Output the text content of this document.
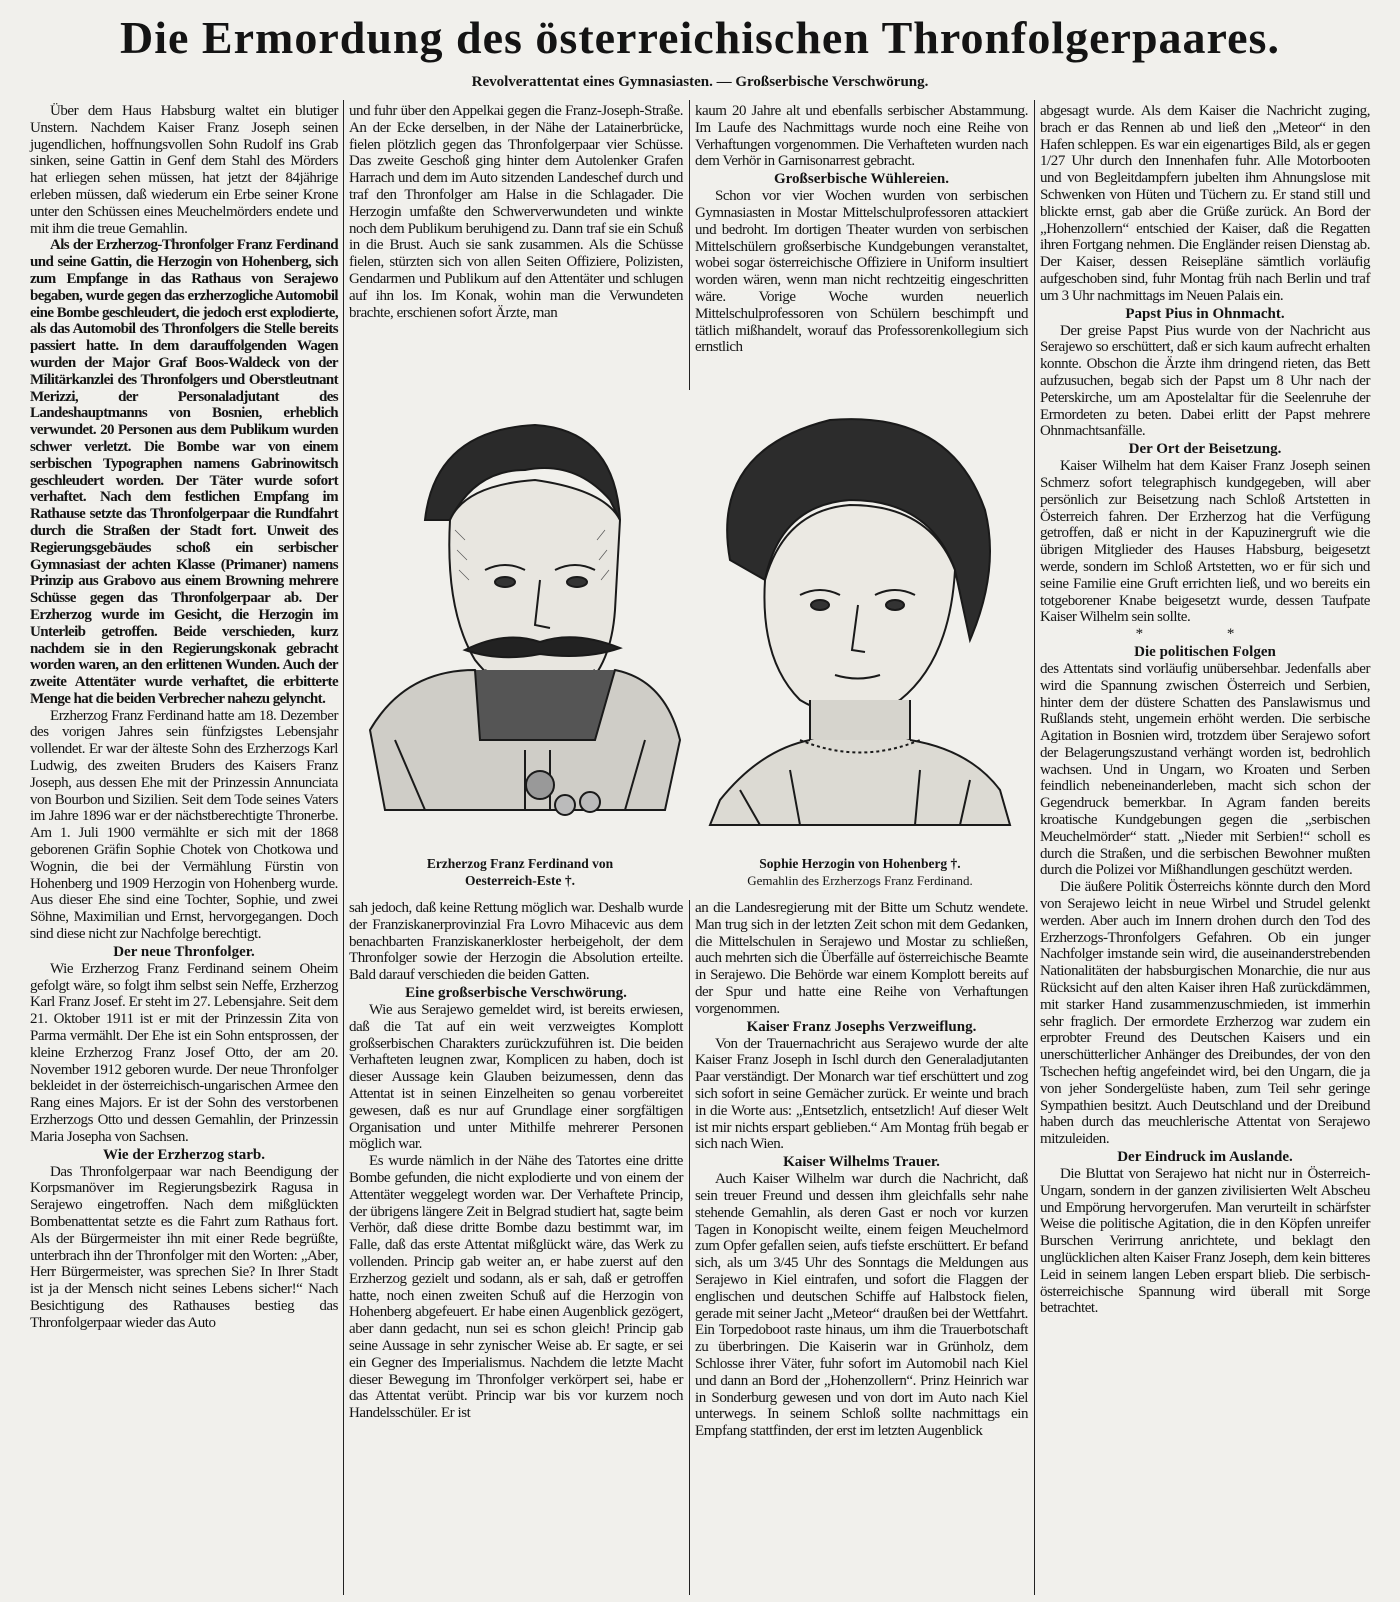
Die Ermordung des österreichischen Thronfolgerpaares.
Revolverattentat eines Gymnasiasten. — Großserbische Verschwörung.

Über dem Haus Habsburg waltet ein blutiger Unstern. Nachdem Kaiser Franz Joseph seinen jugendlichen, hoffnungsvollen Sohn Rudolf ins Grab sinken, seine Gattin in Genf dem Stahl des Mörders hat erliegen sehen müssen, hat jetzt der 84jährige erleben müssen, daß wiederum ein Erbe seiner Krone unter den Schüssen eines Meuchelmörders endete und mit ihm die treue Gemahlin.

Als der Erzherzog-Thronfolger Franz Ferdinand und seine Gattin, die Herzogin von Hohenberg, sich zum Empfange in das Rathaus von Serajewo begaben, wurde gegen das erzherzogliche Automobil eine Bombe geschleudert, die jedoch erst explodierte, als das Automobil des Thronfolgers die Stelle bereits passiert hatte. In dem darauffolgenden Wagen wurden der Major Graf Boos-Waldeck von der Militärkanzlei des Thronfolgers und Oberstleutnant Merizzi, der Personaladjutant des Landeshauptmanns von Bosnien, erheblich verwundet. 20 Personen aus dem Publikum wurden schwer verletzt. Die Bombe war von einem serbischen Typographen namens Gabrinowitsch geschleudert worden. Der Täter wurde sofort verhaftet. Nach dem festlichen Empfang im Rathause setzte das Thronfolgerpaar die Rundfahrt durch die Straßen der Stadt fort. Unweit des Regierungsgebäudes schoß ein serbischer Gymnasiast der achten Klasse (Primaner) namens Prinzip aus Grabovo aus einem Browning mehrere Schüsse gegen das Thronfolgerpaar ab. Der Erzherzog wurde im Gesicht, die Herzogin im Unterleib getroffen. Beide verschieden, kurz nachdem sie in den Regierungskonak gebracht worden waren, an den erlittenen Wunden. Auch der zweite Attentäter wurde verhaftet, die erbitterte Menge hat die beiden Verbrecher nahezu gelyncht.

Erzherzog Franz Ferdinand hatte am 18. Dezember des vorigen Jahres sein fünfzigstes Lebensjahr vollendet. Er war der älteste Sohn des Erzherzogs Karl Ludwig, des zweiten Bruders des Kaisers Franz Joseph, aus dessen Ehe mit der Prinzessin Annunciata von Bourbon und Sizilien. Seit dem Tode seines Vaters im Jahre 1896 war er der nächstberechtigte Thronerbe. Am 1. Juli 1900 vermählte er sich mit der 1868 geborenen Gräfin Sophie Chotek von Chotkowa und Wognin, die bei der Vermählung Fürstin von Hohenberg und 1909 Herzogin von Hohenberg wurde. Aus dieser Ehe sind eine Tochter, Sophie, und zwei Söhne, Maximilian und Ernst, hervorgegangen. Doch sind diese nicht zur Nachfolge berechtigt.

Der neue Thronfolger.

Wie Erzherzog Franz Ferdinand seinem Oheim gefolgt wäre, so folgt ihm selbst sein Neffe, Erzherzog Karl Franz Josef. Er steht im 27. Lebensjahre. Seit dem 21. Oktober 1911 ist er mit der Prinzessin Zita von Parma vermählt. Der Ehe ist ein Sohn entsprossen, der kleine Erzherzog Franz Josef Otto, der am 20. November 1912 geboren wurde. Der neue Thronfolger bekleidet in der österreichisch-ungarischen Armee den Rang eines Majors. Er ist der Sohn des verstorbenen Erzherzogs Otto und dessen Gemahlin, der Prinzessin Maria Josepha von Sachsen.

Wie der Erzherzog starb.

Das Thronfolgerpaar war nach Beendigung der Korpsmanöver im Regierungsbezirk Ragusa in Serajewo eingetroffen. Nach dem mißglückten Bombenattentat setzte es die Fahrt zum Rathaus fort. Als der Bürgermeister ihn mit einer Rede begrüßte, unterbrach ihn der Thronfolger mit den Worten: „Aber, Herr Bürgermeister, was sprechen Sie? In Ihrer Stadt ist ja der Mensch nicht seines Lebens sicher!“ Nach Besichtigung des Rathauses bestieg das Thronfolgerpaar wieder das Auto

und fuhr über den Appelkai gegen die Franz-Joseph-Straße. An der Ecke derselben, in der Nähe der Latainerbrücke, fielen plötzlich gegen das Thronfolgerpaar vier Schüsse. Das zweite Geschoß ging hinter dem Autolenker Grafen Harrach und dem im Auto sitzenden Landeschef durch und traf den Thronfolger am Halse in die Schlagader. Die Herzogin umfaßte den Schwerverwundeten und winkte noch dem Publikum beruhigend zu. Dann traf sie ein Schuß in die Brust. Auch sie sank zusammen. Als die Schüsse fielen, stürzten sich von allen Seiten Offiziere, Polizisten, Gendarmen und Publikum auf den Attentäter und schlugen auf ihn los. Im Konak, wohin man die Verwundeten brachte, erschienen sofort Ärzte, man

kaum 20 Jahre alt und ebenfalls serbischer Abstammung. Im Laufe des Nachmittags wurde noch eine Reihe von Verhaftungen vorgenommen. Die Verhafteten wurden nach dem Verhör in Garnisonarrest gebracht.

Großserbische Wühlereien.

Schon vor vier Wochen wurden von serbischen Gymnasiasten in Mostar Mittelschulprofessoren attackiert und bedroht. Im dortigen Theater wurden von serbischen Mittelschülern großserbische Kundgebungen veranstaltet, wobei sogar österreichische Offiziere in Uniform insultiert worden wären, wenn man nicht rechtzeitig eingeschritten wäre. Vorige Woche wurden neuerlich Mittelschulprofessoren von Schülern beschimpft und tätlich mißhandelt, worauf das Professorenkollegium sich ernstlich

sah jedoch, daß keine Rettung möglich war. Deshalb wurde der Franziskanerprovinzial Fra Lovro Mihacevic aus dem benachbarten Franziskanerkloster herbeigeholt, der dem Thronfolger sowie der Herzogin die Absolution erteilte. Bald darauf verschieden die beiden Gatten.

Eine großserbische Verschwörung.

Wie aus Serajewo gemeldet wird, ist bereits erwiesen, daß die Tat auf ein weit verzweigtes Komplott großserbischen Charakters zurückzuführen ist. Die beiden Verhafteten leugnen zwar, Komplicen zu haben, doch ist dieser Aussage kein Glauben beizumessen, denn das Attentat ist in seinen Einzelheiten so genau vorbereitet gewesen, daß es nur auf Grundlage einer sorgfältigen Organisation und unter Mithilfe mehrerer Personen möglich war.

Es wurde nämlich in der Nähe des Tatortes eine dritte Bombe gefunden, die nicht explodierte und von einem der Attentäter weggelegt worden war. Der Verhaftete Princip, der übrigens längere Zeit in Belgrad studiert hat, sagte beim Verhör, daß diese dritte Bombe dazu bestimmt war, im Falle, daß das erste Attentat mißglückt wäre, das Werk zu vollenden. Princip gab weiter an, er habe zuerst auf den Erzherzog gezielt und sodann, als er sah, daß er getroffen hatte, noch einen zweiten Schuß auf die Herzogin von Hohenberg abgefeuert. Er habe einen Augenblick gezögert, aber dann gedacht, nun sei es schon gleich! Princip gab seine Aussage in sehr zynischer Weise ab. Er sagte, er sei ein Gegner des Imperialismus. Nachdem die letzte Macht dieser Bewegung im Thronfolger verkörpert sei, habe er das Attentat verübt. Princip war bis vor kurzem noch Handelsschüler. Er ist

an die Landesregierung mit der Bitte um Schutz wendete. Man trug sich in der letzten Zeit schon mit dem Gedanken, die Mittelschulen in Serajewo und Mostar zu schließen, auch mehrten sich die Überfälle auf österreichische Beamte in Serajewo. Die Behörde war einem Komplott bereits auf der Spur und hatte eine Reihe von Verhaftungen vorgenommen.

Kaiser Franz Josephs Verzweiflung.

Von der Trauernachricht aus Serajewo wurde der alte Kaiser Franz Joseph in Ischl durch den Generaladjutanten Paar verständigt. Der Monarch war tief erschüttert und zog sich sofort in seine Gemächer zurück. Er weinte und brach in die Worte aus: „Entsetzlich, entsetzlich! Auf dieser Welt ist mir nichts erspart geblieben.“ Am Montag früh begab er sich nach Wien.

Kaiser Wilhelms Trauer.

Auch Kaiser Wilhelm war durch die Nachricht, daß sein treuer Freund und dessen ihm gleichfalls sehr nahe stehende Gemahlin, als deren Gast er noch vor kurzen Tagen in Konopischt weilte, einem feigen Meuchelmord zum Opfer gefallen seien, aufs tiefste erschüttert. Er befand sich, als um 3/45 Uhr des Sonntags die Meldungen aus Serajewo in Kiel eintrafen, und sofort die Flaggen der englischen und deutschen Schiffe auf Halbstock fielen, gerade mit seiner Jacht „Meteor“ draußen bei der Wettfahrt. Ein Torpedoboot raste hinaus, um ihm die Trauerbotschaft zu überbringen. Die Kaiserin war in Grünholz, dem Schlosse ihrer Väter, fuhr sofort im Automobil nach Kiel und dann an Bord der „Hohenzollern“. Prinz Heinrich war in Sonderburg gewesen und von dort im Auto nach Kiel unterwegs. In seinem Schloß sollte nachmittags ein Empfang stattfinden, der erst im letzten Augenblick

abgesagt wurde. Als dem Kaiser die Nachricht zuging, brach er das Rennen ab und ließ den „Meteor“ in den Hafen schleppen. Es war ein eigenartiges Bild, als er gegen 1/27 Uhr durch den Innenhafen fuhr. Alle Motorbooten und von Begleitdampfern jubelten ihm Ahnungslose mit Schwenken von Hüten und Tüchern zu. Er stand still und blickte ernst, gab aber die Grüße zurück. An Bord der „Hohenzollern“ entschied der Kaiser, daß die Regatten ihren Fortgang nehmen. Die Engländer reisen Dienstag ab. Der Kaiser, dessen Reisepläne sämtlich vorläufig aufgeschoben sind, fuhr Montag früh nach Berlin und traf um 3 Uhr nachmittags im Neuen Palais ein.

Papst Pius in Ohnmacht.

Der greise Papst Pius wurde von der Nachricht aus Serajewo so erschüttert, daß er sich kaum aufrecht erhalten konnte. Obschon die Ärzte ihm dringend rieten, das Bett aufzusuchen, begab sich der Papst um 8 Uhr nach der Peterskirche, um am Apostelaltar für die Seelenruhe der Ermordeten zu beten. Dabei erlitt der Papst mehrere Ohnmachtsanfälle.

Der Ort der Beisetzung.

Kaiser Wilhelm hat dem Kaiser Franz Joseph seinen Schmerz sofort telegraphisch kundgegeben, will aber persönlich zur Beisetzung nach Schloß Artstetten in Österreich fahren. Der Erzherzog hat die Verfügung getroffen, daß er nicht in der Kapuzinergruft wie die übrigen Mitglieder des Hauses Habsburg, beigesetzt werde, sondern im Schloß Artstetten, wo er für sich und seine Familie eine Gruft errichten ließ, und wo bereits ein totgeborener Knabe beigesetzt wurde, dessen Taufpate Kaiser Wilhelm sein sollte.

* *
Die politischen Folgen

des Attentats sind vorläufig unübersehbar. Jedenfalls aber wird die Spannung zwischen Österreich und Serbien, hinter dem der düstere Schatten des Panslawismus und Rußlands steht, ungemein erhöht werden. Die serbische Agitation in Bosnien wird, trotzdem über Serajewo sofort der Belagerungszustand verhängt worden ist, bedrohlich wachsen. Und in Ungarn, wo Kroaten und Serben feindlich nebeneinanderleben, macht sich schon der Gegendruck bemerkbar. In Agram fanden bereits kroatische Kundgebungen gegen die „serbischen Meuchelmörder“ statt. „Nieder mit Serbien!“ scholl es durch die Straßen, und die serbischen Bewohner mußten durch die Polizei vor Mißhandlungen geschützt werden.

Die äußere Politik Österreichs könnte durch den Mord von Serajewo leicht in neue Wirbel und Strudel gelenkt werden. Aber auch im Innern drohen durch den Tod des Erzherzogs-Thronfolgers Gefahren. Ob ein junger Nachfolger imstande sein wird, die auseinanderstrebenden Nationalitäten der habsburgischen Monarchie, die nur aus Rücksicht auf den alten Kaiser ihren Haß zurückdämmen, mit starker Hand zusammenzuschmieden, ist immerhin sehr fraglich. Der ermordete Erzherzog war zudem ein erprobter Freund des Deutschen Kaisers und ein unerschütterlicher Anhänger des Dreibundes, der von den Tschechen heftig angefeindet wird, bei den Ungarn, die ja von jeher Sondergelüste haben, zum Teil sehr geringe Sympathien besitzt. Auch Deutschland und der Dreibund haben durch das meuchlerische Attentat von Serajewo mitzuleiden.

Der Eindruck im Auslande.

Die Bluttat von Serajewo hat nicht nur in Österreich-Ungarn, sondern in der ganzen zivilisierten Welt Abscheu und Empörung hervorgerufen. Man verurteilt in schärfster Weise die politische Agitation, die in den Köpfen unreifer Burschen Verirrung anrichtete, und beklagt den unglücklichen alten Kaiser Franz Joseph, dem kein bitteres Leid in seinem langen Leben erspart blieb. Die serbisch-österreichische Spannung wird überall mit Sorge betrachtet.

Erzherzog Franz Ferdinand von
Oesterreich-Este †.
Sophie Herzogin von Hohenberg †.
Gemahlin des Erzherzogs Franz Ferdinand.
